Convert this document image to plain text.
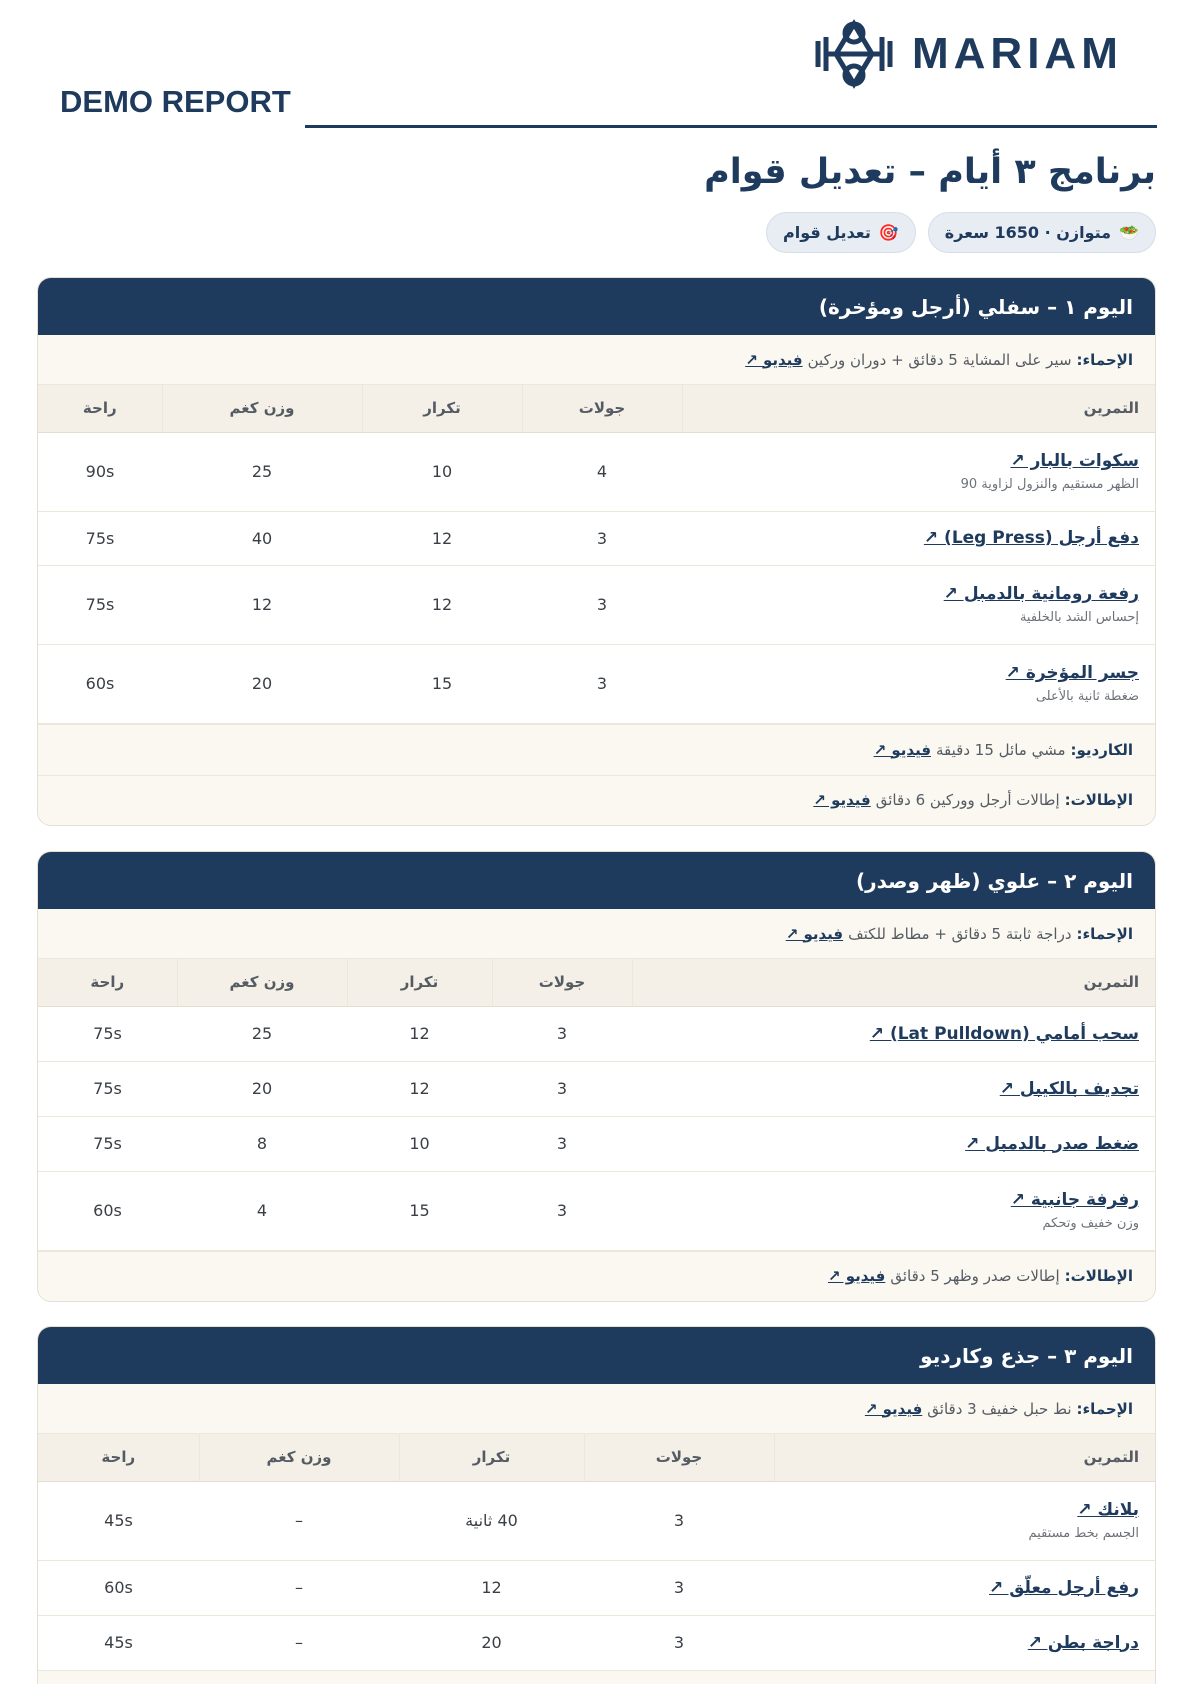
MARIAM
DEMO REPORT
برنامج ٣ أيام – تعديل قوام
🎯
تعديل قوام	🥗
متوازن · 1650 سعرة
اليوم ١ – سفلي (أرجل ومؤخرة)
الإحماء:
سير على المشاية 5 دقائق + دوران وركين
فيديو ↗
التمرين	جولات	تكرار	وزن كغم	راحة

سكوات بالبار ↗
الظهر مستقيم والنزول لزاوية 90	4	10	25	90s

دفع أرجل (Leg Press) ↗	3	12	40	75s

رفعة رومانية بالدمبل ↗
إحساس الشد بالخلفية	3	12	12	75s

جسر المؤخرة ↗
ضغطة ثانية بالأعلى	3	15	20	60s
الكارديو:
مشي مائل 15 دقيقة
فيديو ↗
الإطالات:
إطالات أرجل ووركين 6 دقائق
فيديو ↗
اليوم ٢ – علوي (ظهر وصدر)
الإحماء:
دراجة ثابتة 5 دقائق + مطاط للكتف
فيديو ↗
التمرين	جولات	تكرار	وزن كغم	راحة

سحب أمامي (Lat Pulldown) ↗	3	12	25	75s

تجديف بالكيبل ↗	3	12	20	75s

ضغط صدر بالدمبل ↗	3	10	8	75s

رفرفة جانبية ↗
وزن خفيف وتحكم	3	15	4	60s
الإطالات:
إطالات صدر وظهر 5 دقائق
فيديو ↗
اليوم ٣ – جذع وكارديو
الإحماء:
نط حبل خفيف 3 دقائق
فيديو ↗
التمرين	جولات	تكرار	وزن كغم	راحة

بلانك ↗
الجسم بخط مستقيم	3	40 ثانية	–	45s

رفع أرجل معلّق ↗	3	12	–	60s

دراجة بطن ↗	3	20	–	45s
